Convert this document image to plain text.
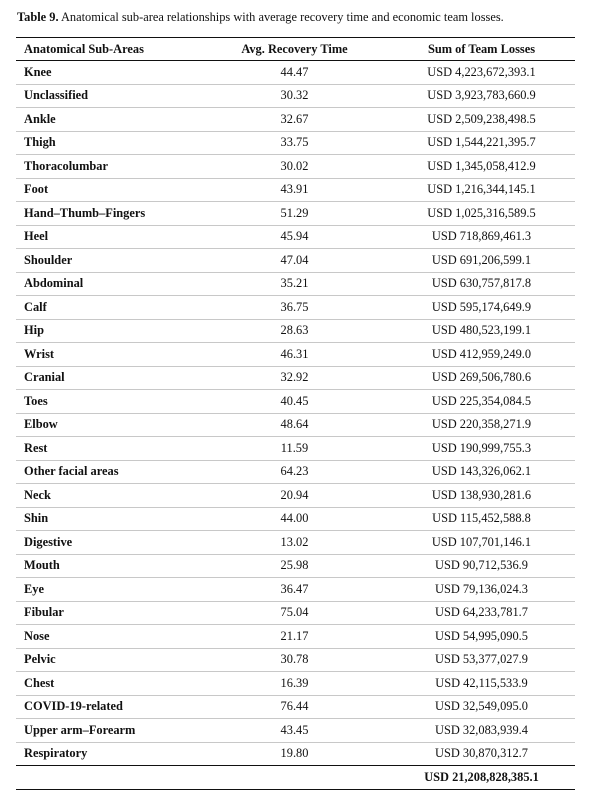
Table 9. Anatomical sub-area relationships with average recovery time and economic team losses.
Anatomical Sub-Areas	Avg. Recovery Time	Sum of Team Losses
Knee	44.47	USD 4,223,672,393.1
Unclassified	30.32	USD 3,923,783,660.9
Ankle	32.67	USD 2,509,238,498.5
Thigh	33.75	USD 1,544,221,395.7
Thoracolumbar	30.02	USD 1,345,058,412.9
Foot	43.91	USD 1,216,344,145.1
Hand–Thumb–Fingers	51.29	USD 1,025,316,589.5
Heel	45.94	USD 718,869,461.3
Shoulder	47.04	USD 691,206,599.1
Abdominal	35.21	USD 630,757,817.8
Calf	36.75	USD 595,174,649.9
Hip	28.63	USD 480,523,199.1
Wrist	46.31	USD 412,959,249.0
Cranial	32.92	USD 269,506,780.6
Toes	40.45	USD 225,354,084.5
Elbow	48.64	USD 220,358,271.9
Rest	11.59	USD 190,999,755.3
Other facial areas	64.23	USD 143,326,062.1
Neck	20.94	USD 138,930,281.6
Shin	44.00	USD 115,452,588.8
Digestive	13.02	USD 107,701,146.1
Mouth	25.98	USD 90,712,536.9
Eye	36.47	USD 79,136,024.3
Fibular	75.04	USD 64,233,781.7
Nose	21.17	USD 54,995,090.5
Pelvic	30.78	USD 53,377,027.9
Chest	16.39	USD 42,115,533.9
COVID-19-related	76.44	USD 32,549,095.0
Upper arm–Forearm	43.45	USD 32,083,939.4
Respiratory	19.80	USD 30,870,312.7
		USD 21,208,828,385.1
